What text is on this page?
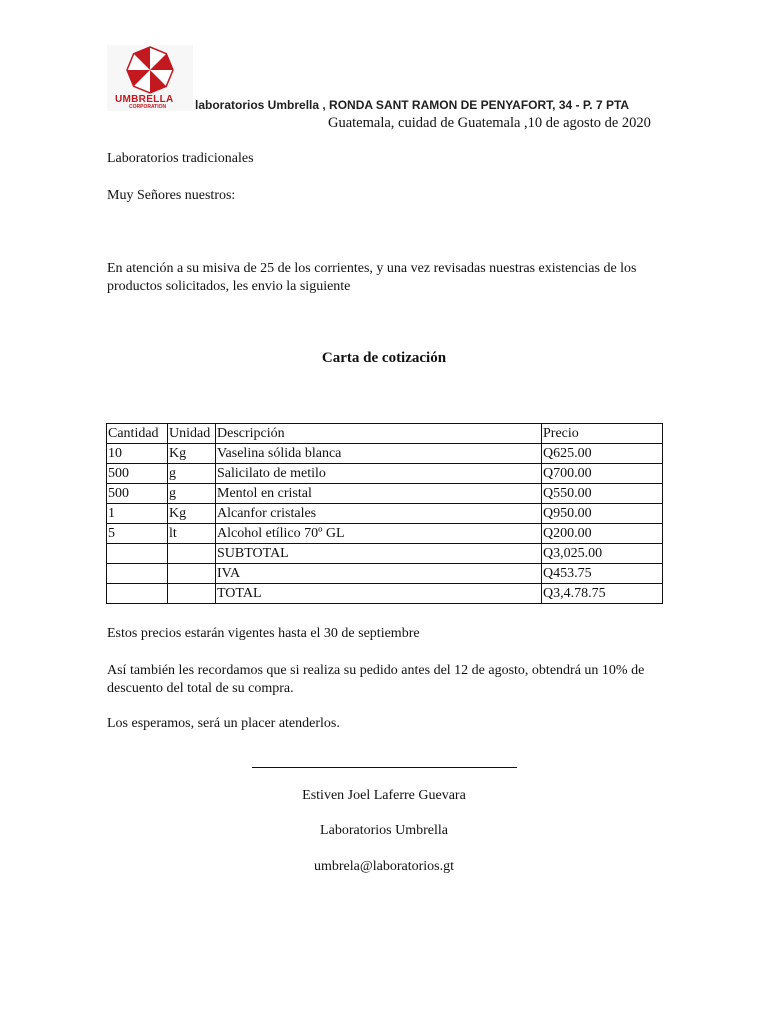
UMBRELLA
CORPORATION	laboratorios Umbrella , RONDA SANT RAMON DE PENYAFORT, 34 - P. 7 PTA
Guatemala, cuidad de Guatemala ,10 de agosto de 2020
Laboratorios tradicionales
Muy Señores nuestros:
En atención a su misiva de 25 de los corrientes, y una vez revisadas nuestras existencias de los productos solicitados, les envio la siguiente
Carta de cotización
Cantidad	Unidad	Descripción	Precio
10	Kg	Vaselina sólida blanca	Q625.00
500	g	Salicilato de metilo	Q700.00
500	g	Mentol en cristal	Q550.00
1	Kg	Alcanfor cristales	Q950.00
5	lt	Alcohol etílico 70º GL	Q200.00
		SUBTOTAL	Q3,025.00
		IVA	Q453.75
		TOTAL	Q3,4.78.75
Estos precios estarán vigentes hasta el 30 de septiembre
Así también les recordamos que si realiza su pedido antes del 12 de agosto, obtendrá un 10% de descuento del total de su compra.
Los esperamos, será un placer atenderlos.
Estiven Joel Laferre Guevara
Laboratorios Umbrella
umbrela@laboratorios.gt
